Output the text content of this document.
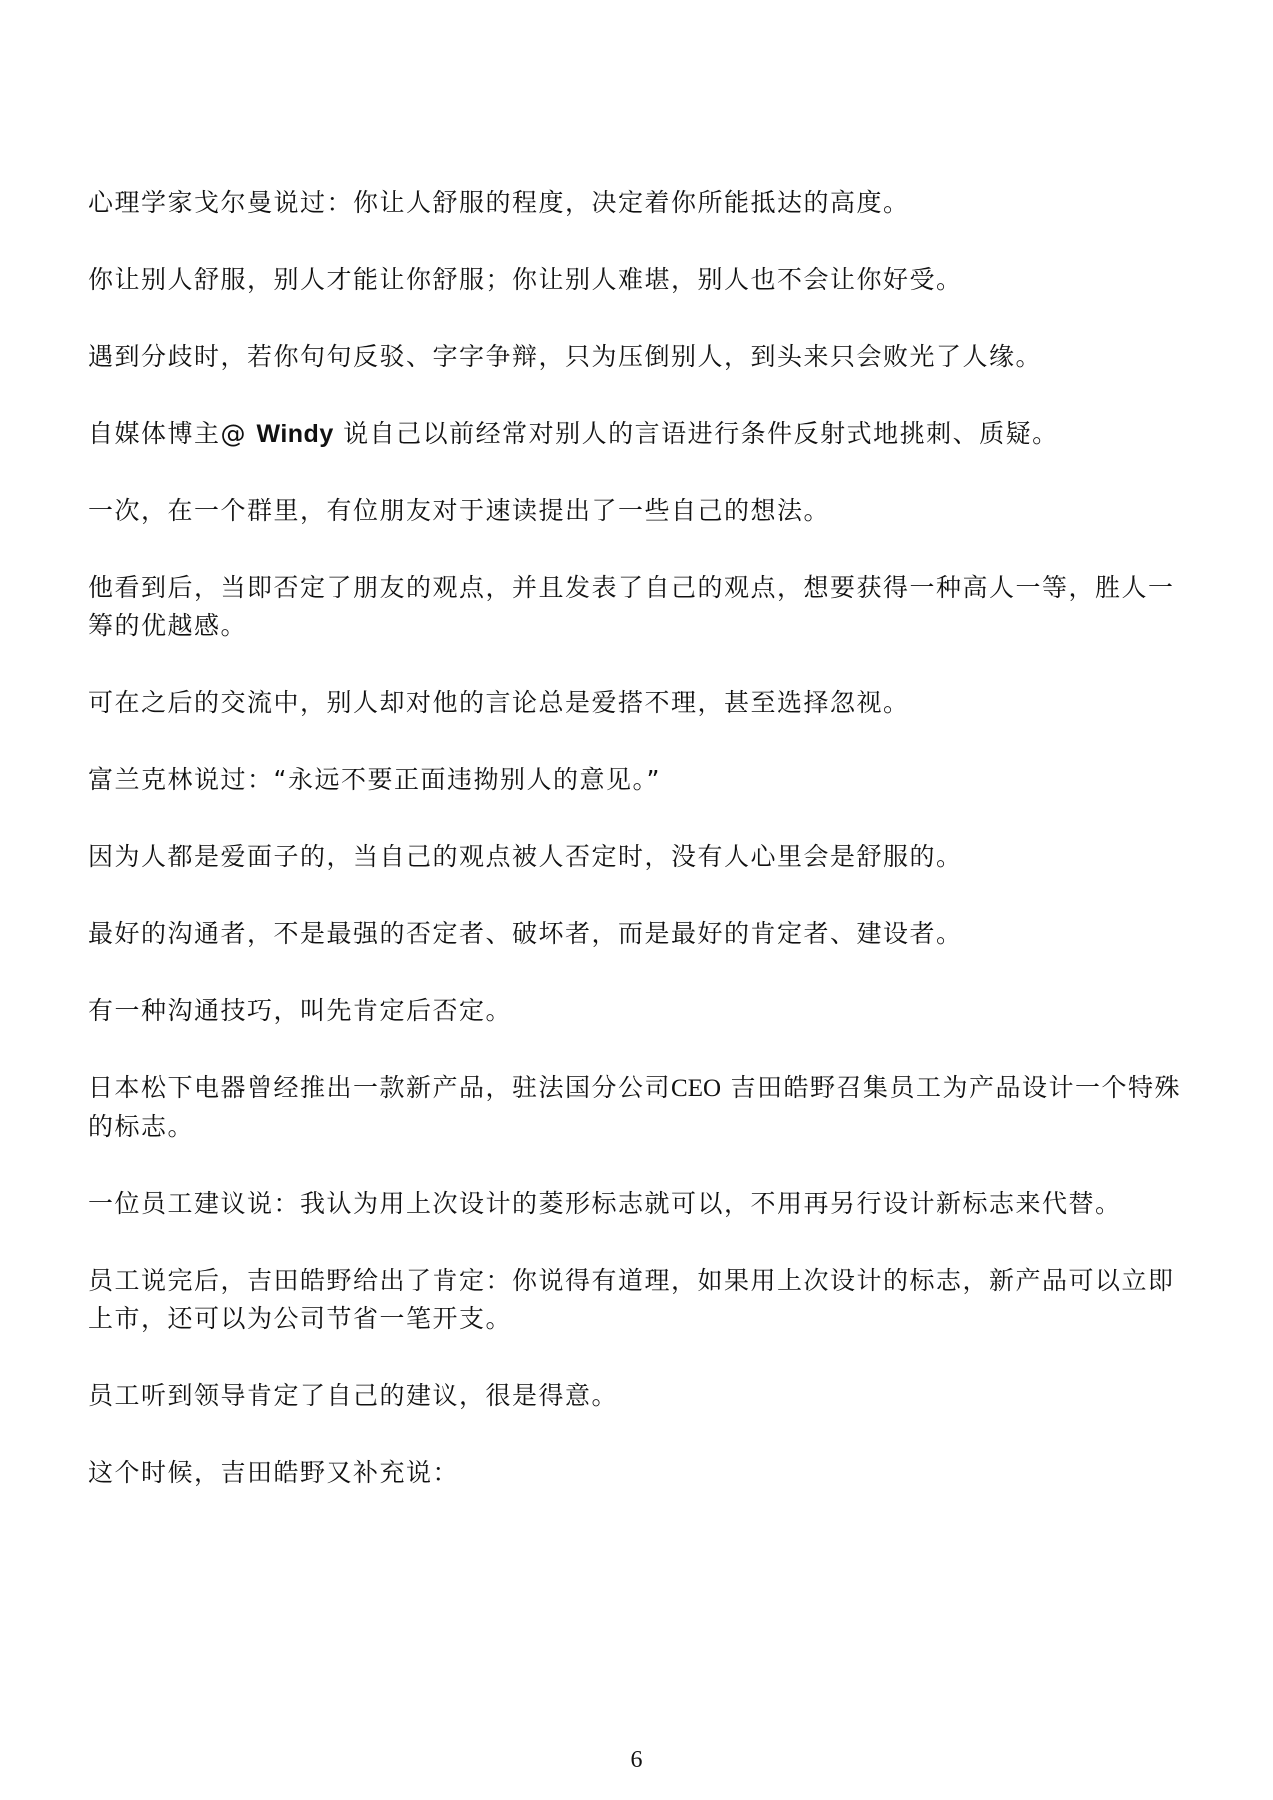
心理学家戈尔曼说过：你让人舒服的程度，决定着你所能抵达的高度。

你让别人舒服，别人才能让你舒服；你让别人难堪，别人也不会让你好受。

遇到分歧时，若你句句反驳、字字争辩，只为压倒别人，到头来只会败光了人缘。

自媒体博主@ Windy 说自己以前经常对别人的言语进行条件反射式地挑刺、质疑。

一次，在一个群里，有位朋友对于速读提出了一些自己的想法。

他看到后，当即否定了朋友的观点，并且发表了自己的观点，想要获得一种高人一等，胜人一筹的优越感。

可在之后的交流中，别人却对他的言论总是爱搭不理，甚至选择忽视。

富兰克林说过：“永远不要正面违拗别人的意见。”

因为人都是爱面子的，当自己的观点被人否定时，没有人心里会是舒服的。

最好的沟通者，不是最强的否定者、破坏者，而是最好的肯定者、建设者。

有一种沟通技巧，叫先肯定后否定。

日本松下电器曾经推出一款新产品，驻法国分公司CEO 吉田皓野召集员工为产品设计一个特殊的标志。

一位员工建议说：我认为用上次设计的菱形标志就可以，不用再另行设计新标志来代替。

员工说完后，吉田皓野给出了肯定：你说得有道理，如果用上次设计的标志，新产品可以立即上市，还可以为公司节省一笔开支。

员工听到领导肯定了自己的建议，很是得意。

这个时候，吉田皓野又补充说：

6
